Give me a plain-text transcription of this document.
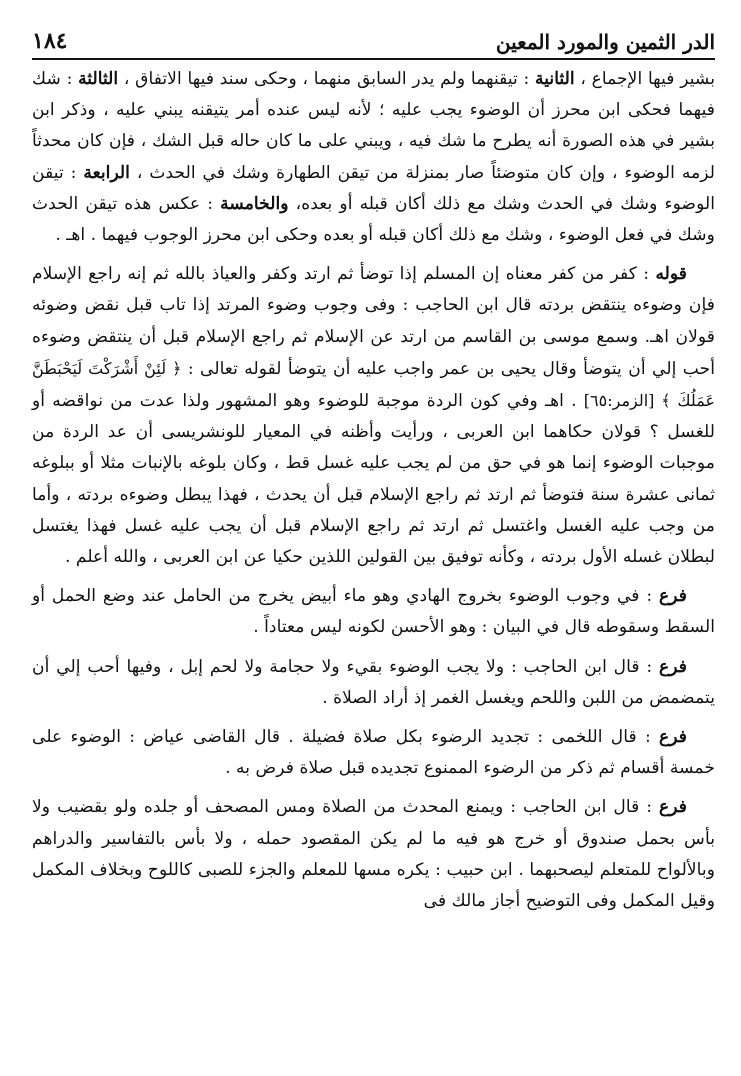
الدر الثمين والمورد المعين
١٨٤

بشير فيها الإجماع ، الثانية : تيقنهما ولم يدر السابق منهما ، وحكى سند فيها الاتفاق ، الثالثة : شك فيهما فحكى ابن محرز أن الوضوء يجب عليه ؛ لأنه ليس عنده أمر يتيقنه يبني عليه ، وذكر ابن بشير في هذه الصورة أنه يطرح ما شك فيه ، ويبني على ما كان حاله قبل الشك ، فإن كان محدثاً لزمه الوضوء ، وإن كان متوضئاً صار بمنزلة من تيقن الطهارة وشك في الحدث ، الرابعة : تيقن الوضوء وشك في الحدث وشك مع ذلك أكان قبله أو بعده، والخامسة : عكس هذه تيقن الحدث وشك في فعل الوضوء ، وشك مع ذلك أكان قبله أو بعده وحكى ابن محرز الوجوب فيهما . اهـ .

قوله : كفر من كفر معناه إن المسلم إذا توضأ ثم ارتد وكفر والعياذ بالله ثم إنه راجع الإسلام فإن وضوءه ينتقض بردته قال ابن الحاجب : وفى وجوب وضوء المرتد إذا تاب قبل نقض وضوئه قولان اهـ. وسمع موسى بن القاسم من ارتد عن الإسلام ثم راجع الإسلام قبل أن ينتقض وضوءه أحب إلي أن يتوضأ وقال يحيى بن عمر واجب عليه أن يتوضأ لقوله تعالى : ﴿ لَئِنْ أَشْرَكْتَ لَيَحْبَطَنَّ عَمَلُكَ ﴾ [الزمر:٦٥] . اهـ وفي كون الردة موجبة للوضوء وهو المشهور ولذا عدت من نواقضه أو للغسل ؟ قولان حكاهما ابن العربى ، ورأيت وأظنه في المعيار للونشريسى أن عد الردة من موجبات الوضوء إنما هو في حق من لم يجب عليه غسل قط ، وكان بلوغه بالإنبات مثلا أو ببلوغه ثمانى عشرة سنة فتوضأ ثم ارتد ثم راجع الإسلام قبل أن يحدث ، فهذا يبطل وضوءه بردته ، وأما من وجب عليه الغسل واغتسل ثم ارتد ثم راجع الإسلام قبل أن يجب عليه غسل فهذا يغتسل لبطلان غسله الأول بردته ، وكأنه توفيق بين القولين اللذين حكيا عن ابن العربى ، والله أعلم .

فرع : في وجوب الوضوء بخروج الهادي وهو ماء أبيض يخرج من الحامل عند وضع الحمل أو السقط وسقوطه قال في البيان : وهو الأحسن لكونه ليس معتاداً .

فرع : قال ابن الحاجب : ولا يجب الوضوء بقيء ولا حجامة ولا لحم إبل ، وفيها أحب إلي أن يتمضمض من اللبن واللحم ويغسل الغمر إذ أراد الصلاة .

فرع : قال اللخمى : تجديد الرضوء بكل صلاة فضيلة . قال القاضى عياض : الوضوء على خمسة أقسام ثم ذكر من الرضوء الممنوع تجديده قبل صلاة فرض به .

فرع : قال ابن الحاجب : ويمنع المحدث من الصلاة ومس المصحف أو جلده ولو بقضيب ولا بأس بحمل صندوق أو خرج هو فيه ما لم يكن المقصود حمله ، ولا بأس بالتفاسير والدراهم وبالألواح للمتعلم ليصحبهما . ابن حبيب : يكره مسها للمعلم والجزء للصبى كاللوح وبخلاف المكمل وقيل المكمل وفى التوضيح أجاز مالك فى
